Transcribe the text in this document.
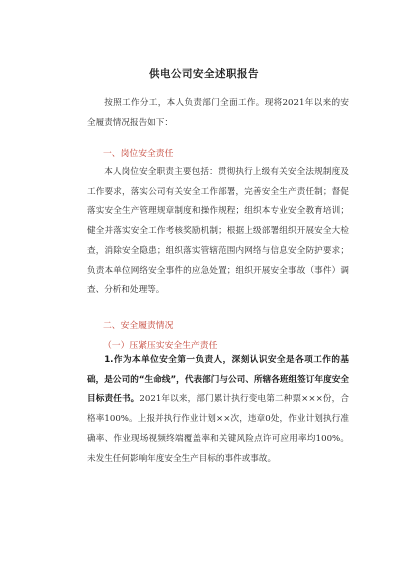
供电公司安全述职报告

按照工作分工，本人负责部门全面工作。现将2021年以来的安全履责情况报告如下：

一、岗位安全责任

本人岗位安全职责主要包括：贯彻执行上级有关安全法规制度及工作要求，落实公司有关安全工作部署，完善安全生产责任制；督促落实安全生产管理规章制度和操作规程；组织本专业安全教育培训；健全并落实安全工作考核奖励机制；根据上级部署组织开展安全大检查，消除安全隐患；组织落实管辖范围内网络与信息安全防护要求；负责本单位网络安全事件的应急处置；组织开展安全事故（事件）调查、分析和处理等。

二、安全履责情况
（一）压紧压实安全生产责任

1.作为本单位安全第一负责人，深刻认识安全是各项工作的基础，是公司的“生命线”，代表部门与公司、所辖各班组签订年度安全目标责任书。2021年以来，部门累计执行变电第二种票×××份，合格率100%。上报并执行作业计划××次，违章0处，作业计划执行准确率、作业现场视频终端覆盖率和关键风险点许可应用率均100%。未发生任何影响年度安全生产目标的事件或事故。
